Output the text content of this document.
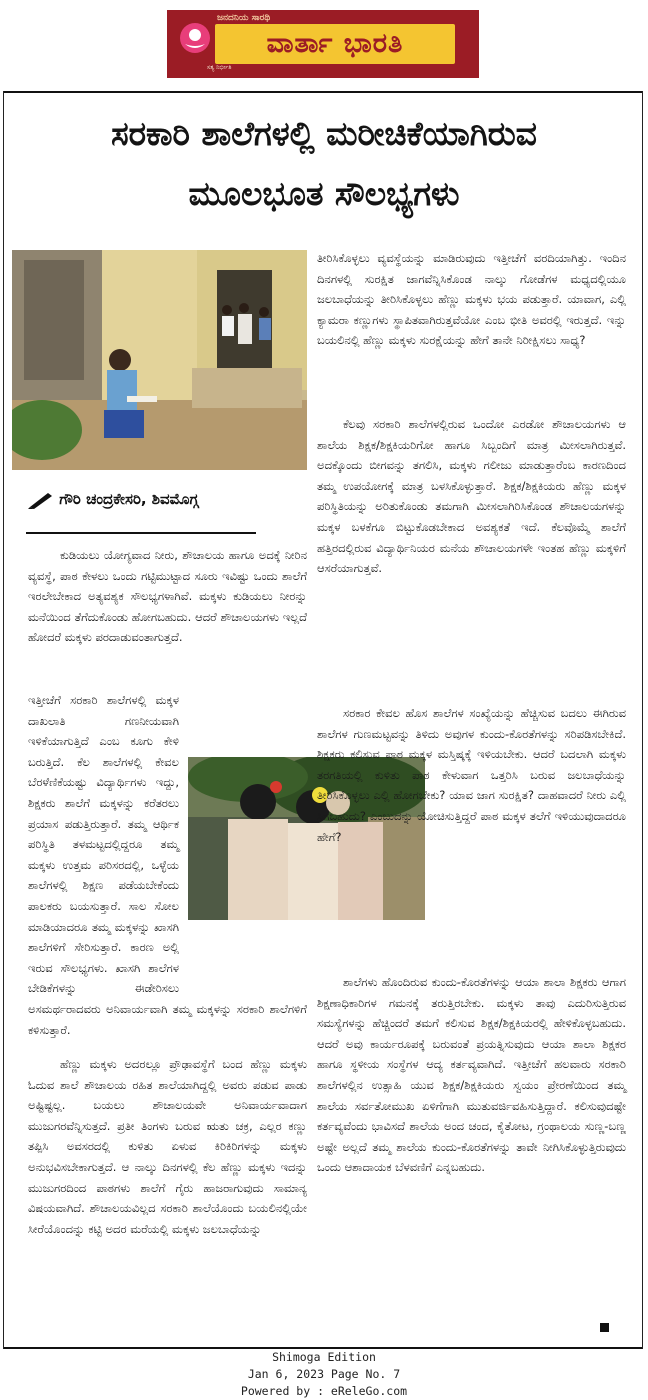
ಜನದನಿಯ ಸಾರಥಿ
ವಾರ್ತಾ ಭಾರತಿ
ಸತ್ಯ ನಿರ್ಭೀತಿ
ಸರಕಾರಿ ಶಾಲೆಗಳಲ್ಲಿ ಮರೀಚಿಕೆಯಾಗಿರುವ
ಮೂಲಭೂತ ಸೌಲಭ್ಯಗಳು
ಗೌರಿ ಚಂದ್ರಕೇಸರಿ, ಶಿವಮೊಗ್ಗ

ಕುಡಿಯಲು ಯೋಗ್ಯವಾದ ನೀರು, ಶೌಚಾಲಯ ಹಾಗೂ ಅದಕ್ಕೆ ನೀರಿನ ವ್ಯವಸ್ಥೆ, ಪಾಠ ಕೇಳಲು ಒಂದು ಗಟ್ಟಿಮುಟ್ಟಾದ ಸೂರು ಇವಿಷ್ಟು ಒಂದು ಶಾಲೆಗೆ ಇರಲೇಬೇಕಾದ ಅತ್ಯವಶ್ಯಕ ಸೌಲಭ್ಯಗಳಾಗಿವೆ. ಮಕ್ಕಳು ಕುಡಿಯಲು ನೀರನ್ನು ಮನೆಯಿಂದ ತೆಗೆದುಕೊಂಡು ಹೋಗಬಹುದು. ಆದರೆ ಶೌಚಾಲಯಗಳು ಇಲ್ಲದೆ ಹೋದರೆ ಮಕ್ಕಳು ಪರದಾಡುವಂತಾಗುತ್ತದೆ.

ಇತ್ತೀಚೆಗೆ ಸರಕಾರಿ ಶಾಲೆಗಳಲ್ಲಿ ಮಕ್ಕಳ ದಾಖಲಾತಿ ಗಣನೀಯವಾಗಿ ಇಳಿಕೆಯಾಗುತ್ತಿದೆ ಎಂಬ ಕೂಗು ಕೇಳಿ ಬರುತ್ತಿದೆ. ಕೆಲ ಶಾಲೆಗಳಲ್ಲಿ ಕೇವಲ ಬೆರಳೆಣಿಕೆಯಷ್ಟು ವಿದ್ಯಾರ್ಥಿಗಳು ಇದ್ದು, ಶಿಕ್ಷಕರು ಶಾಲೆಗೆ ಮಕ್ಕಳನ್ನು ಕರೆತರಲು ಪ್ರಯಾಸ ಪಡುತ್ತಿರುತ್ತಾರೆ. ತಮ್ಮ ಆರ್ಥಿಕ ಪರಿಸ್ಥಿತಿ ತಳಮಟ್ಟದಲ್ಲಿದ್ದರೂ ತಮ್ಮ ಮಕ್ಕಳು ಉತ್ತಮ ಪರಿಸರದಲ್ಲಿ, ಒಳ್ಳೆಯ ಶಾಲೆಗಳಲ್ಲಿ ಶಿಕ್ಷಣ ಪಡೆಯಬೇಕೆಂದು ಪಾಲಕರು ಬಯಸುತ್ತಾರೆ. ಸಾಲ ಸೋಲ ಮಾಡಿಯಾದರೂ ತಮ್ಮ ಮಕ್ಕಳನ್ನು ಖಾಸಗಿ ಶಾಲೆಗಳಿಗೆ ಸೇರಿಸುತ್ತಾರೆ. ಕಾರಣ ಅಲ್ಲಿ ಇರುವ ಸೌಲಭ್ಯಗಳು. ಖಾಸಗಿ ಶಾಲೆಗಳ ಬೇಡಿಕೆಗಳನ್ನು ಈಡೇರಿಸಲು ಅಸಮರ್ಥರಾದವರು ಅನಿವಾರ್ಯವಾಗಿ ತಮ್ಮ ಮಕ್ಕಳನ್ನು ಸರಕಾರಿ ಶಾಲೆಗಳಿಗೆ ಕಳಿಸುತ್ತಾರೆ.

ಹೆಣ್ಣು ಮಕ್ಕಳು ಅದರಲ್ಲೂ ಪ್ರೌಢಾವಸ್ಥೆಗೆ ಬಂದ ಹೆಣ್ಣು ಮಕ್ಕಳು ಓದುವ ಶಾಲೆ ಶೌಚಾಲಯ ರಹಿತ ಶಾಲೆಯಾಗಿದ್ದಲ್ಲಿ ಅವರು ಪಡುವ ಪಾಡು ಅಷ್ಟಿಷ್ಟಲ್ಲ. ಬಯಲು ಶೌಚಾಲಯವೇ ಅನಿವಾರ್ಯವಾದಾಗ ಮುಜುಗರವೆನ್ನಿಸುತ್ತದೆ. ಪ್ರತೀ ತಿಂಗಳು ಬರುವ ಋತು ಚಕ್ರ, ಎಲ್ಲರ ಕಣ್ಣು ತಪ್ಪಿಸಿ ಅವಸರದಲ್ಲಿ ಕುಳಿತು ಏಳುವ ಕಿರಿಕಿರಿಗಳನ್ನು ಮಕ್ಕಳು ಅನುಭವಿಸಬೇಕಾಗುತ್ತದೆ. ಆ ನಾಲ್ಕು ದಿನಗಳಲ್ಲಿ ಕೆಲ ಹೆಣ್ಣು ಮಕ್ಕಳು ಇದನ್ನು ಮುಜುಗರದಿಂದ ಪಾಠಗಳು ಶಾಲೆಗೆ ಗೈರು ಹಾಜರಾಗುವುದು ಸಾಮಾನ್ಯ ವಿಷಯವಾಗಿದೆ. ಶೌಚಾಲಯವಿಲ್ಲದ ಸರಕಾರಿ ಶಾಲೆಯೊಂದು ಬಯಲಿನಲ್ಲಿಯೇ ಸೀರೆಯೊಂದನ್ನು ಕಟ್ಟಿ ಅದರ ಮರೆಯಲ್ಲಿ ಮಕ್ಕಳು ಜಲಬಾಧೆಯನ್ನು

ತೀರಿಸಿಕೊಳ್ಳಲು ವ್ಯವಸ್ಥೆಯನ್ನು ಮಾಡಿರುವುದು ಇತ್ತೀಚೆಗೆ ವರದಿಯಾಗಿತ್ತು. ಇಂದಿನ ದಿನಗಳಲ್ಲಿ ಸುರಕ್ಷಿತ ಜಾಗವೆನ್ನಿಸಿಕೊಂಡ ನಾಲ್ಕು ಗೋಡೆಗಳ ಮಧ್ಯದಲ್ಲಿಯೂ ಜಲಬಾಧೆಯನ್ನು ತೀರಿಸಿಕೊಳ್ಳಲು ಹೆಣ್ಣು ಮಕ್ಕಳು ಭಯ ಪಡುತ್ತಾರೆ. ಯಾವಾಗ, ಎಲ್ಲಿ ಕ್ಯಾಮರಾ ಕಣ್ಣುಗಳು ಸ್ಥಾಪಿತವಾಗಿರುತ್ತವೆಯೋ ಎಂಬ ಭೀತಿ ಅವರಲ್ಲಿ ಇರುತ್ತದೆ. ಇನ್ನು ಬಯಲಿನಲ್ಲಿ ಹೆಣ್ಣು ಮಕ್ಕಳು ಸುರಕ್ಷೆಯನ್ನು ಹೇಗೆ ತಾನೇ ನಿರೀಕ್ಷಿಸಲು ಸಾಧ್ಯ?

ಕೆಲವು ಸರಕಾರಿ ಶಾಲೆಗಳಲ್ಲಿರುವ ಒಂದೋ ಎರಡೋ ಶೌಚಾಲಯಗಳು ಆ ಶಾಲೆಯ ಶಿಕ್ಷಕ/ಶಿಕ್ಷಕಿಯರಿಗೋ ಹಾಗೂ ಸಿಬ್ಬಂದಿಗೆ ಮಾತ್ರ ಮೀಸಲಾಗಿರುತ್ತವೆ. ಅದಕ್ಕೊಂದು ಬೀಗವನ್ನು ತಗಲಿಸಿ, ಮಕ್ಕಳು ಗಲೀಜು ಮಾಡುತ್ತಾರೆಂಬ ಕಾರಣದಿಂದ ತಮ್ಮ ಉಪಯೋಗಕ್ಕೆ ಮಾತ್ರ ಬಳಸಿಕೊಳ್ಳುತ್ತಾರೆ. ಶಿಕ್ಷಕ/ಶಿಕ್ಷಕಿಯರು ಹೆಣ್ಣು ಮಕ್ಕಳ ಪರಿಸ್ಥಿತಿಯನ್ನು ಅರಿತುಕೊಂಡು ತಮಗಾಗಿ ಮೀಸಲಾಗಿರಿಸಿಕೊಂಡ ಶೌಚಾಲಯಗಳನ್ನು ಮಕ್ಕಳ ಬಳಕೆಗೂ ಬಿಟ್ಟುಕೊಡಬೇಕಾದ ಅವಶ್ಯಕತೆ ಇದೆ. ಕೆಲವೊಮ್ಮೆ ಶಾಲೆಗೆ ಹತ್ತಿರದಲ್ಲಿರುವ ವಿದ್ಯಾರ್ಥಿನಿಯರ ಮನೆಯ ಶೌಚಾಲಯಗಳೇ ಇಂತಹ ಹೆಣ್ಣು ಮಕ್ಕಳಿಗೆ ಆಸರೆಯಾಗುತ್ತವೆ.

ಸರಕಾರ ಕೇವಲ ಹೊಸ ಶಾಲೆಗಳ ಸಂಖ್ಯೆಯನ್ನು ಹೆಚ್ಚಿಸುವ ಬದಲು ಈಗಿರುವ ಶಾಲೆಗಳ ಗುಣಮಟ್ಟವನ್ನು ತಿಳಿದು ಅವುಗಳ ಕುಂದು-ಕೊರತೆಗಳನ್ನು ಸರಿಪಡಿಸಬೇಕಿದೆ. ಶಿಕ್ಷಕರು ಕಲಿಸುವ ಪಾಠ ಮಕ್ಕಳ ಮಸ್ತಿಷ್ಕಕ್ಕೆ ಇಳಿಯಬೇಕು. ಆದರೆ ಬದಲಾಗಿ ಮಕ್ಕಳು ತರಗತಿಯಲ್ಲಿ ಕುಳಿತು ಪಾಠ ಕೇಳುವಾಗ ಒತ್ತರಿಸಿ ಬರುವ ಜಲಬಾಧೆಯನ್ನು ತೀರಿಸಿಕೊಳ್ಳಲು ಎಲ್ಲಿ ಹೋಗಬೇಕು? ಯಾವ ಜಾಗ ಸುರಕ್ಷಿತ? ದಾಹವಾದರೆ ನೀರು ಎಲ್ಲಿ ಸಿಗಬಹುದು? ಎಂಬುದನ್ನು ಯೋಚಿಸುತ್ತಿದ್ದರೆ ಪಾಠ ಮಕ್ಕಳ ತಲೆಗೆ ಇಳಿಯುವುದಾದರೂ ಹೇಗೆ?

ಶಾಲೆಗಳು ಹೊಂದಿರುವ ಕುಂದು-ಕೊರತೆಗಳನ್ನು ಆಯಾ ಶಾಲಾ ಶಿಕ್ಷಕರು ಆಗಾಗ ಶಿಕ್ಷಣಾಧಿಕಾರಿಗಳ ಗಮನಕ್ಕೆ ತರುತ್ತಿರಬೇಕು. ಮಕ್ಕಳು ತಾವು ಎದುರಿಸುತ್ತಿರುವ ಸಮಸ್ಯೆಗಳನ್ನು ಹೆಚ್ಚಿಂದರೆ ತಮಗೆ ಕಲಿಸುವ ಶಿಕ್ಷಕ/ಶಿಕ್ಷಕಿಯರಲ್ಲಿ ಹೇಳಿಕೊಳ್ಳಬಹುದು. ಆದರೆ ಅವು ಕಾರ್ಯರೂಪಕ್ಕೆ ಬರುವಂತೆ ಪ್ರಯತ್ನಿಸುವುದು ಆಯಾ ಶಾಲಾ ಶಿಕ್ಷಕರ ಹಾಗೂ ಸ್ಥಳೀಯ ಸಂಸ್ಥೆಗಳ ಆದ್ಯ ಕರ್ತವ್ಯವಾಗಿದೆ. ಇತ್ತೀಚೆಗೆ ಹಲವಾರು ಸರಕಾರಿ ಶಾಲೆಗಳಲ್ಲಿನ ಉತ್ಸಾಹಿ ಯುವ ಶಿಕ್ಷಕ/ಶಿಕ್ಷಕಿಯರು ಸ್ವಯಂ ಪ್ರೇರಣೆಯಿಂದ ತಮ್ಮ ಶಾಲೆಯ ಸರ್ವತೋಮುಖ ಏಳಿಗೆಗಾಗಿ ಮುತುವರ್ಜಿವಹಿಸುತ್ತಿದ್ದಾರೆ. ಕಲಿಸುವುದಷ್ಟೇ ಕರ್ತವ್ಯವೆಂದು ಭಾವಿಸದೆ ಶಾಲೆಯ ಅಂದ ಚಂದ, ಕೈತೋಟ, ಗ್ರಂಥಾಲಯ ಸುಣ್ಣ-ಬಣ್ಣ ಅಷ್ಟೇ ಅಲ್ಲದೆ ತಮ್ಮ ಶಾಲೆಯ ಕುಂದು-ಕೊರತೆಗಳನ್ನು ತಾವೇ ನೀಗಿಸಿಕೊಳ್ಳುತ್ತಿರುವುದು ಒಂದು ಆಶಾದಾಯಕ ಬೆಳವಣಿಗೆ ಎನ್ನಬಹುದು.

Shimoga Edition
Jan 6, 2023 Page No. 7
Powered by : eReleGo.com
